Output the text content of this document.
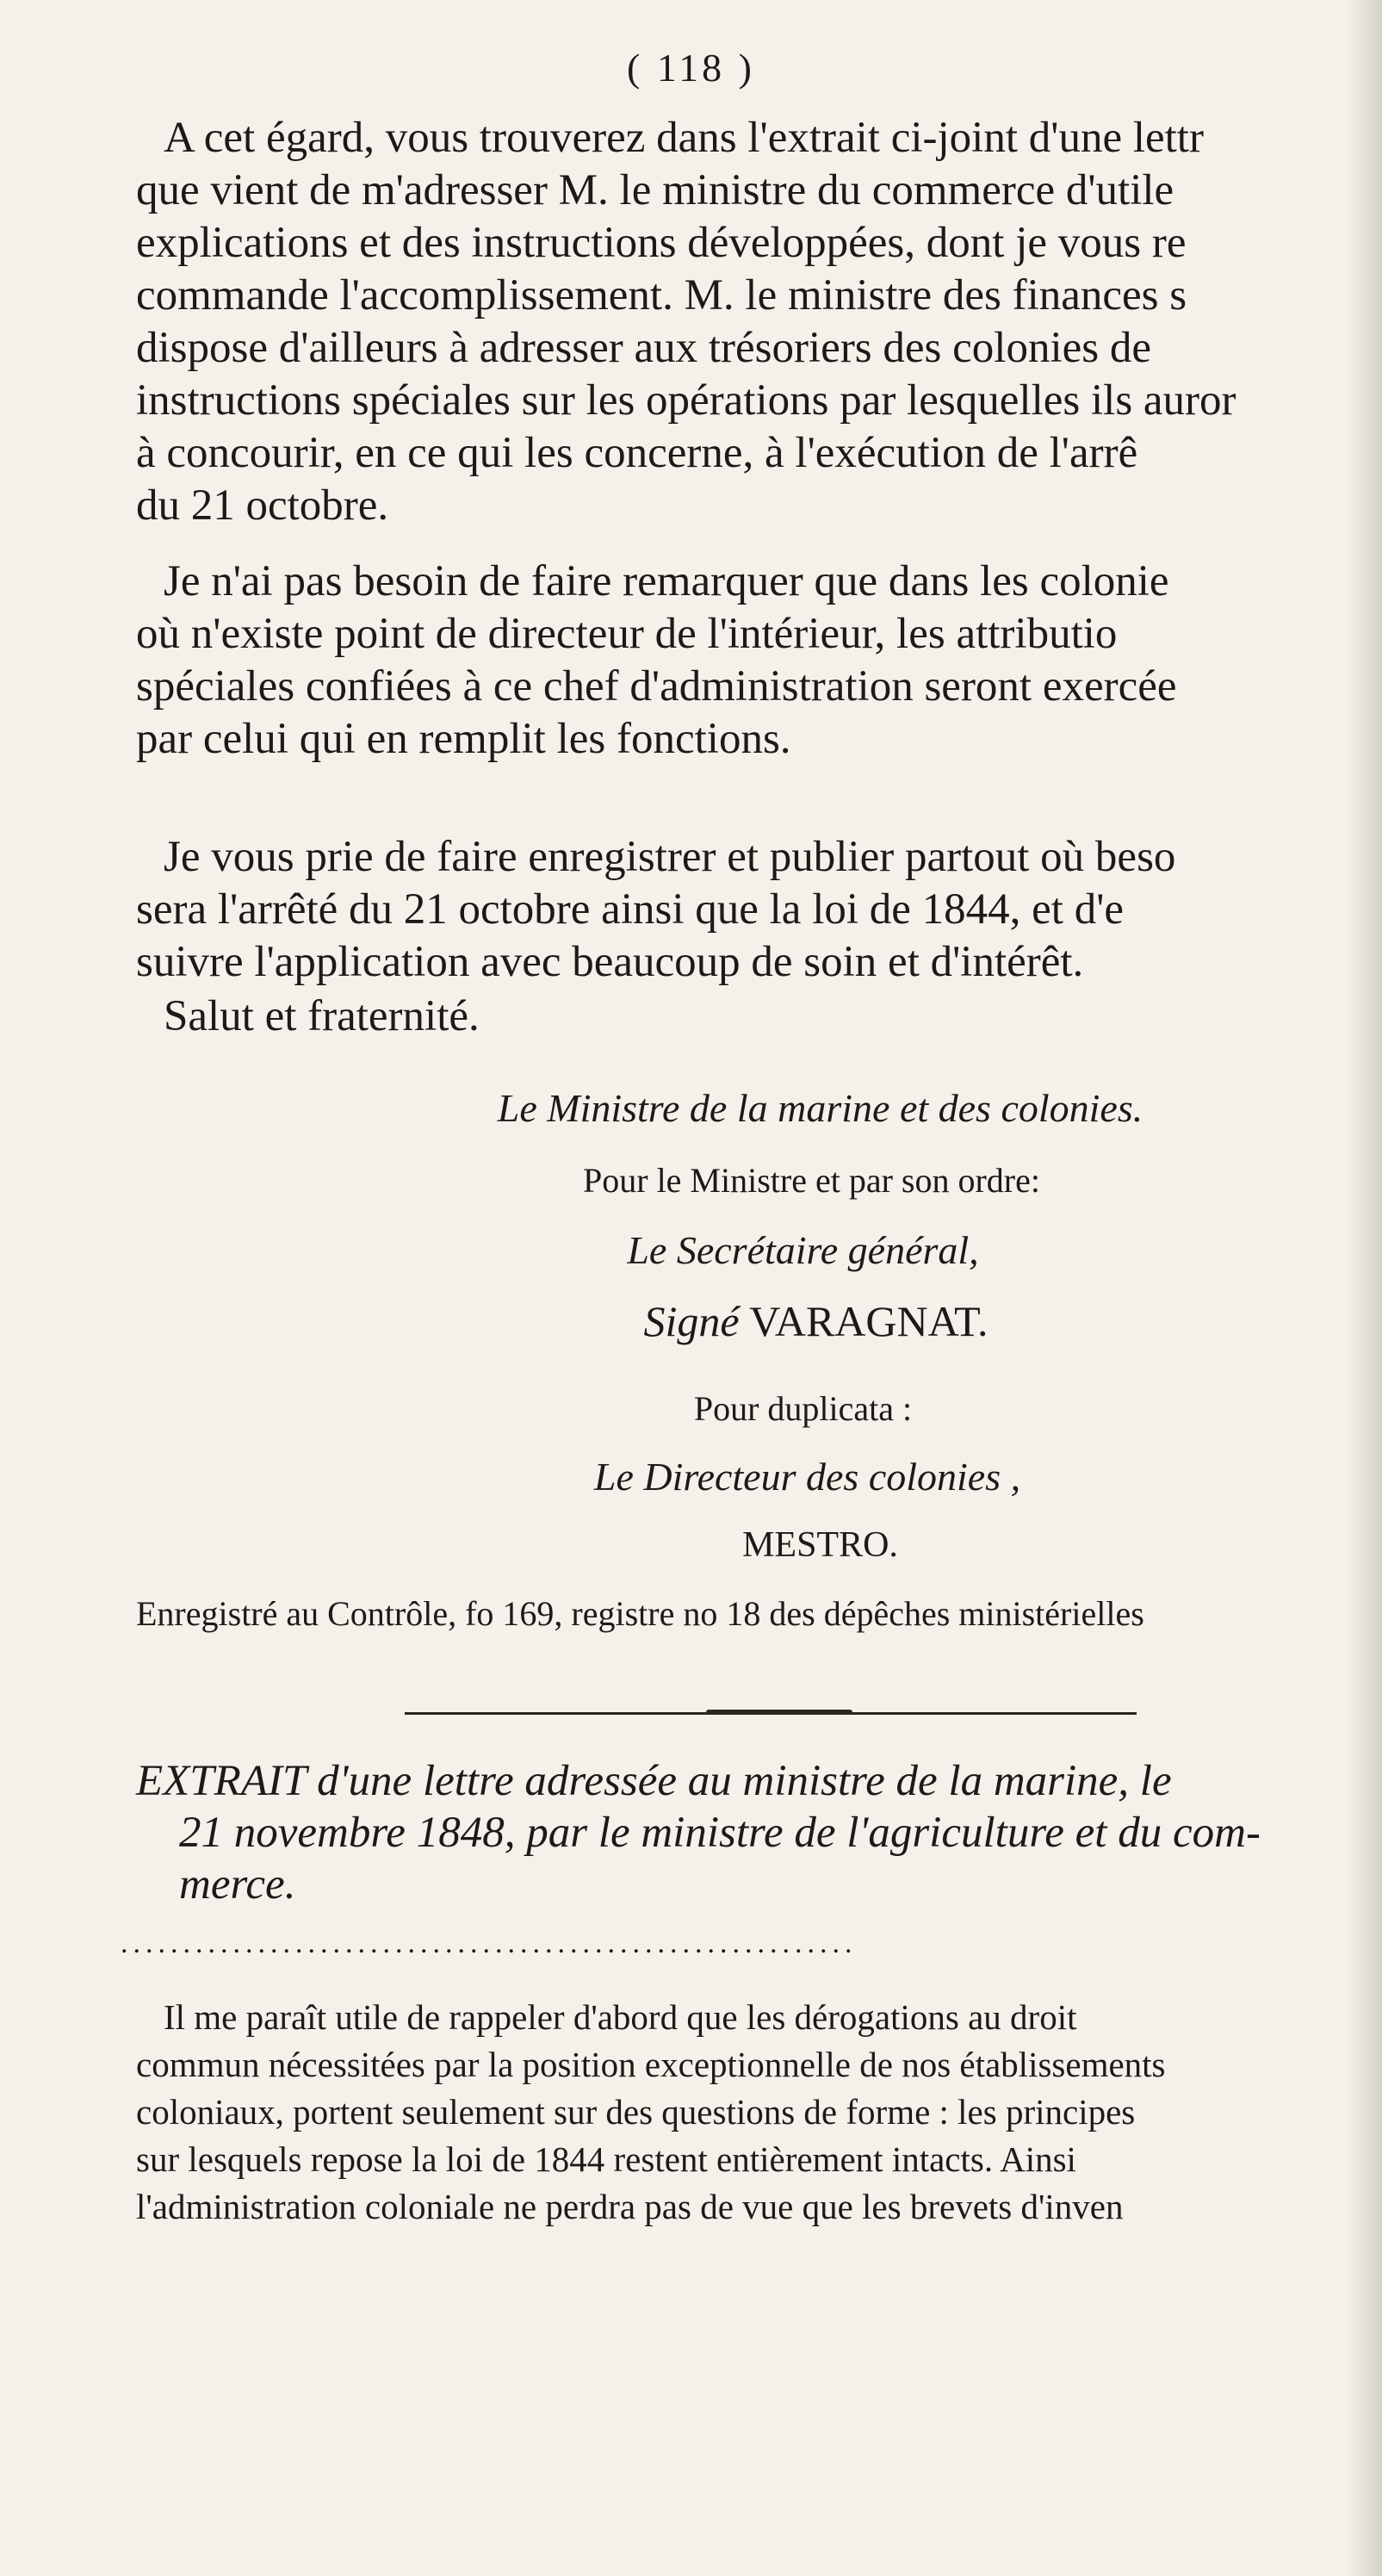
( 118 )

A cet égard, vous trouverez dans l'extrait ci-joint d'une lettr

que vient de m'adresser M. le ministre du commerce d'utile

explications et des instructions développées, dont je vous re

commande l'accomplissement. M. le ministre des finances s

dispose d'ailleurs à adresser aux trésoriers des colonies de

instructions spéciales sur les opérations par lesquelles ils auror

à concourir, en ce qui les concerne, à l'exécution de l'arrê

du 21 octobre.

Je n'ai pas besoin de faire remarquer que dans les colonie

où n'existe point de directeur de l'intérieur, les attributio

spéciales confiées à ce chef d'administration seront exercée

par celui qui en remplit les fonctions.

Je vous prie de faire enregistrer et publier partout où beso

sera l'arrêté du 21 octobre ainsi que la loi de 1844, et d'e

suivre l'application avec beaucoup de soin et d'intérêt.

Salut et fraternité.

Le Ministre de la marine et des colonies.
Pour le Ministre et par son ordre:
Le Secrétaire général,
Signé VARAGNAT.
Pour duplicata :
Le Directeur des colonies ,
MESTRO.
Enregistré au Contrôle, fo 169, registre no 18 des dépêches ministérielles
EXTRAIT d'une lettre adressée au ministre de la marine, le
21 novembre 1848, par le ministre de l'agriculture et du com-
merce.
...........................................................

Il me paraît utile de rappeler d'abord que les dérogations au droit

commun nécessitées par la position exceptionnelle de nos établissements

coloniaux, portent seulement sur des questions de forme : les principes

sur lesquels repose la loi de 1844 restent entièrement intacts. Ainsi

l'administration coloniale ne perdra pas de vue que les brevets d'inven
